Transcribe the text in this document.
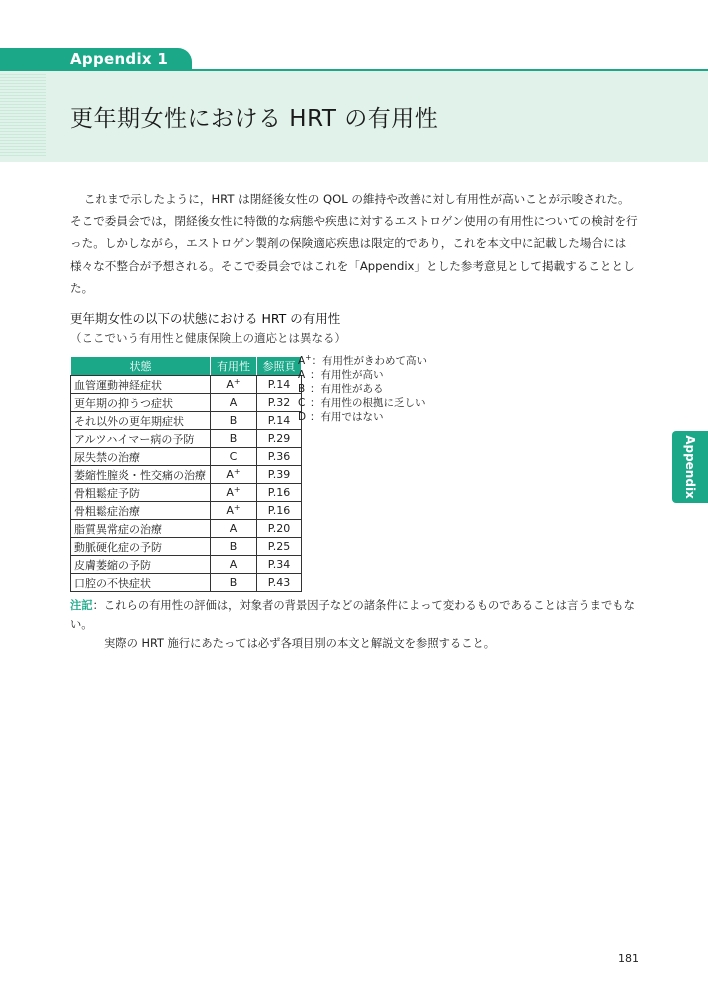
Appendix 1
更年期女性における HRT の有用性

これまで示したように，HRT は閉経後女性の QOL の維持や改善に対し有用性が高いことが示唆された。そこで委員会では，閉経後女性に特徴的な病態や疾患に対するエストロゲン使用の有用性についての検討を行った。しかしながら，エストロゲン製剤の保険適応疾患は限定的であり，これを本文中に記載した場合には様々な不整合が予想される。そこで委員会ではこれを「Appendix」とした参考意見として掲載することとした。

更年期女性の以下の状態における HRT の有用性

（ここでいう有用性と健康保険上の適応とは異なる）

状態	有用性	参照頁
血管運動神経症状	A+	P.14
更年期の抑うつ症状	A	P.32
それ以外の更年期症状	B	P.14
アルツハイマー病の予防	B	P.29
尿失禁の治療	C	P.36
萎縮性膣炎・性交痛の治療	A+	P.39
骨粗鬆症予防	A+	P.16
骨粗鬆症治療	A+	P.16
脂質異常症の治療	A	P.20
動脈硬化症の予防	B	P.25
皮膚萎縮の予防	A	P.34
口腔の不快症状	B	P.43
A+：有用性がきわめて高い
A ：有用性が高い
B ：有用性がある
C ：有用性の根拠に乏しい
D ：有用ではない
注記：これらの有用性の評価は，対象者の背景因子などの諸条件によって変わるものであることは言うまでもない。
実際の HRT 施行にあたっては必ず各項目別の本文と解説文を参照すること。
Appendix
181
